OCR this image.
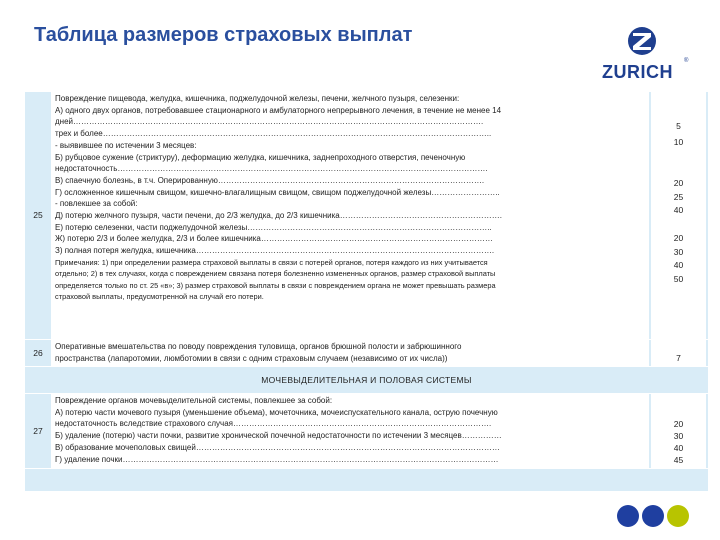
Таблица размеров страховых выплат
ZURICH
®
25
Повреждение пищевода, желудка, кишечника, поджелудочной железы, печени, желчного пузыря, селезенки:
А) одного двух органов, потребовавшее стационарного и амбулаторного непрерывного лечения, в течение не менее 14
дней……………………………………………………………………………………………………………………………………….
трех и более………………………………………………………………………………………………………………………………..
- выявившее по истечении 3 месяцев:
Б) рубцовое сужение (стриктуру), деформацию желудка, кишечника, заднепроходного отверстия, печеночную
недостаточность………………………………………………………………………………………………………………………….
В) спаечную болезнь, в т.ч. Оперированную……………………………………………………………………………………….
Г) осложненное кишечным свищом, кишечно-влагалищным свищом, свищом поджелудочной железы……………………..
- повлекшее за собой:
Д) потерю желчного пузыря, части печени, до 2/3 желудка, до 2/3 кишечника…………………………………………………….
Е) потерю селезенки, части поджелудочной железы………………………………………………………………………………..
Ж) потерю 2/3 и более желудка, 2/3 и более кишечника……………………………………………………………………………
З) полная потеря желудка, кишечника………………………………………………………………………………………………….
Примечания: 1) при определении размера страховой выплаты в связи с потерей органов, потеря каждого из них учитывается
отдельно; 2) в тех случаях, когда с повреждением связана потеря болезненно измененных органов, размер страховой выплаты
определяется только по ст. 25 «в»; 3) размер страховой выплаты в связи с повреждением органа не может превышать размера
страховой выплаты, предусмотренной на случай его потери.
5
10
20
25
40
20
30
40
50
26
Оперативные вмешательства по поводу повреждения туловища, органов брюшной полости и забрюшинного
пространства (лапаротомии, люмботомии в связи с одним страховым случаем (независимо от их числа))	7
МОЧЕВЫДЕЛИТЕЛЬНАЯ И ПОЛОВАЯ СИСТЕМЫ
27
Повреждение органов мочевыделительной системы, повлекшее за собой:
А) потерю части мочевого пузыря (уменьшение объема), мочеточника, мочеиспускательного канала, острую почечную
недостаточность вследствие страхового случая…………………………………………………………………………………….
Б) удаление (потерю) части почки, развитие хронической почечной недостаточности по истечении 3 месяцев……………
В) образование мочеполовых свищей……………………………………………………………………………………………………
Г) удаление почки……………………………………………………………………………………………………………………………
20
30
40
45
